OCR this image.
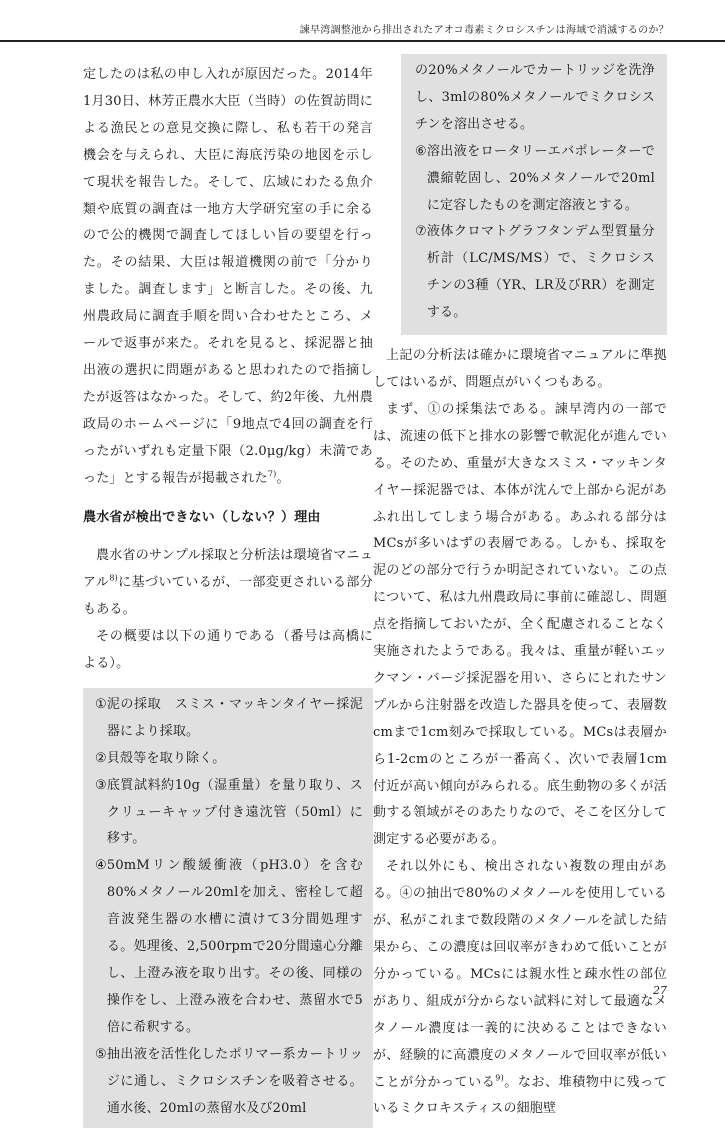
諫早湾調整池から排出されたアオコ毒素ミクロシスチンは海域で消滅するのか？

定したのは私の申し入れが原因だった。2014年1月30日、林芳正農水大臣（当時）の佐賀訪問による漁民との意見交換に際し、私も若干の発言機会を与えられ、大臣に海底汚染の地図を示して現状を報告した。そして、広域にわたる魚介類や底質の調査は一地方大学研究室の手に余るので公的機関で調査してほしい旨の要望を行った。その結果、大臣は報道機関の前で「分かりました。調査します」と断言した。その後、九州農政局に調査手順を問い合わせたところ、メールで返事が来た。それを見ると、採泥器と抽出液の選択に問題があると思われたので指摘したが返答はなかった。そして、約2年後、九州農政局のホームページに「9地点で4回の調査を行ったがいずれも定量下限（2.0μg/kg）未満であった」とする報告が掲載された$^{7)}$。

農水省が検出できない（しない？）理由

農水省のサンプル採取と分析法は環境省マニュアル$^{8)}$に基づいているが、一部変更されいる部分もある。

その概要は以下の通りである（番号は高橋による）。

① 泥の採取　スミス・マッキンタイヤー採泥器により採取。
② 貝殻等を取り除く。
③ 底質試料約10g（湿重量）を量り取り、スクリューキャップ付き遠沈管（50ml）に移す。
④ 50mMリン酸緩衝液（pH3.0）を含む80%メタノール20mlを加え、密栓して超音波発生器の水槽に漬けて3分間処理する。処理後、2,500rpmで20分間遠心分離し、上澄み液を取り出す。その後、同様の操作をし、上澄み液を合わせ、蒸留水で5倍に希釈する。
⑤ 抽出液を活性化したポリマー系カートリッジに通し、ミクロシスチンを吸着させる。通水後、20mlの蒸留水及び20ml
の20%メタノールでカートリッジを洗浄し、3mlの80%メタノールでミクロシスチンを溶出させる。
⑥ 溶出液をロータリーエバポレーターで濃縮乾固し、20%メタノールで20mlに定容したものを測定溶液とする。
⑦ 液体クロマトグラフタンデム型質量分析計（LC/MS/MS）で、ミクロシスチンの3種（YR、LR及びRR）を測定する。

上記の分析法は確かに環境省マニュアルに準拠してはいるが、問題点がいくつもある。

まず、①の採集法である。諫早湾内の一部では、流速の低下と排水の影響で軟泥化が進んでいる。そのため、重量が大きなスミス・マッキンタイヤー採泥器では、本体が沈んで上部から泥があふれ出してしまう場合がある。あふれる部分はMCsが多いはずの表層である。しかも、採取を泥のどの部分で行うか明記されていない。この点について、私は九州農政局に事前に確認し、問題点を指摘しておいたが、全く配慮されることなく実施されたようである。我々は、重量が軽いエックマン・バージ採泥器を用い、さらにとれたサンプルから注射器を改造した器具を使って、表層数cmまで1cm刻みで採取している。MCsは表層から1-2cmのところが一番高く、次いで表層1cm付近が高い傾向がみられる。底生動物の多くが活動する領域がそのあたりなので、そこを区分して測定する必要がある。

それ以外にも、検出されない複数の理由がある。④の抽出で80%のメタノールを使用しているが、私がこれまで数段階のメタノールを試した結果から、この濃度は回収率がきわめて低いことが分かっている。MCsには親水性と疎水性の部位があり、組成が分からない試料に対して最適なメタノール濃度は一義的に決めることはできないが、経験的に高濃度のメタノールで回収率が低いことが分かっている$^{9)}$。なお、堆積物中に残っているミクロキスティスの細胞壁

27
